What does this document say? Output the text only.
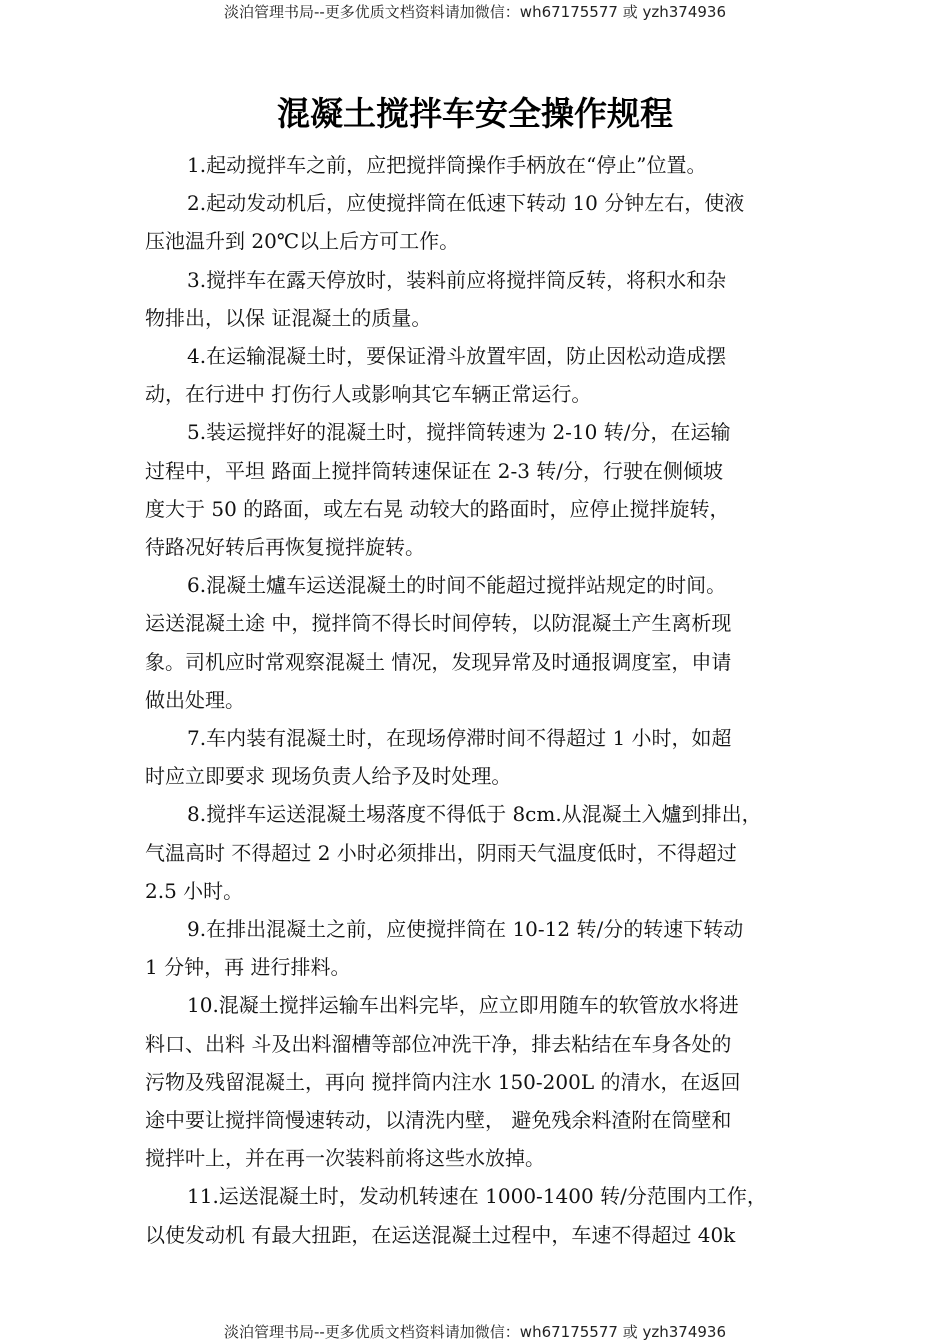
淡泊管理书局--更多优质文档资料请加微信：wh67175577 或 yzh374936
混凝土搅拌车安全操作规程

1.起动搅拌车之前，应把搅拌筒操作手柄放在“停止”位置。

2.起动发动机后，应使搅拌筒在低速下转动 10 分钟左右，使液
压池温升到 20℃以上后方可工作。

3.搅拌车在露天停放时，装料前应将搅拌筒反转，将积水和杂
物排出，以保 证混凝土的质量。

4.在运输混凝土时，要保证滑斗放置牢固，防止因松动造成摆
动，在行进中 打伤行人或影响其它车辆正常运行。

5.装运搅拌好的混凝土时，搅拌筒转速为 2-10 转/分，在运输
过程中，平坦 路面上搅拌筒转速保证在 2-3 转/分，行驶在侧倾坡
度大于 50 的路面，或左右晃 动较大的路面时，应停止搅拌旋转，
待路况好转后再恢复搅拌旋转。

6.混凝土爐车运送混凝土的时间不能超过搅拌站规定的时间。
运送混凝土途 中，搅拌筒不得长时间停转，以防混凝土产生离析现
象。司机应时常观察混凝土 情况，发现异常及时通报调度室，申请
做出处理。

7.车内装有混凝土时，在现场停滞时间不得超过 1 小时，如超
时应立即要求 现场负责人给予及时处理。

8.搅拌车运送混凝土埸落度不得低于 8cm.从混凝土入爐到排出，
气温高时 不得超过 2 小时必须排出，阴雨天气温度低时，不得超过
2.5 小时。

9.在排出混凝土之前，应使搅拌筒在 10-12 转/分的转速下转动
1 分钟，再 进行排料。

10.混凝土搅拌运输车出料完毕，应立即用随车的软管放水将进
料口、出料 斗及出料溜槽等部位冲洗干净，排去粘结在车身各处的
污物及残留混凝土，再向 搅拌筒内注水 150-200L 的清水，在返回
途中要让搅拌筒慢速转动，以清洗内壁， 避免残余料渣附在筒壁和
搅拌叶上，并在再一次装料前将这些水放掉。

11.运送混凝土时，发动机转速在 1000-1400 转/分范围内工作，
以使发动机 有最大扭距，在运送混凝土过程中，车速不得超过 40k

淡泊管理书局--更多优质文档资料请加微信：wh67175577 或 yzh374936
